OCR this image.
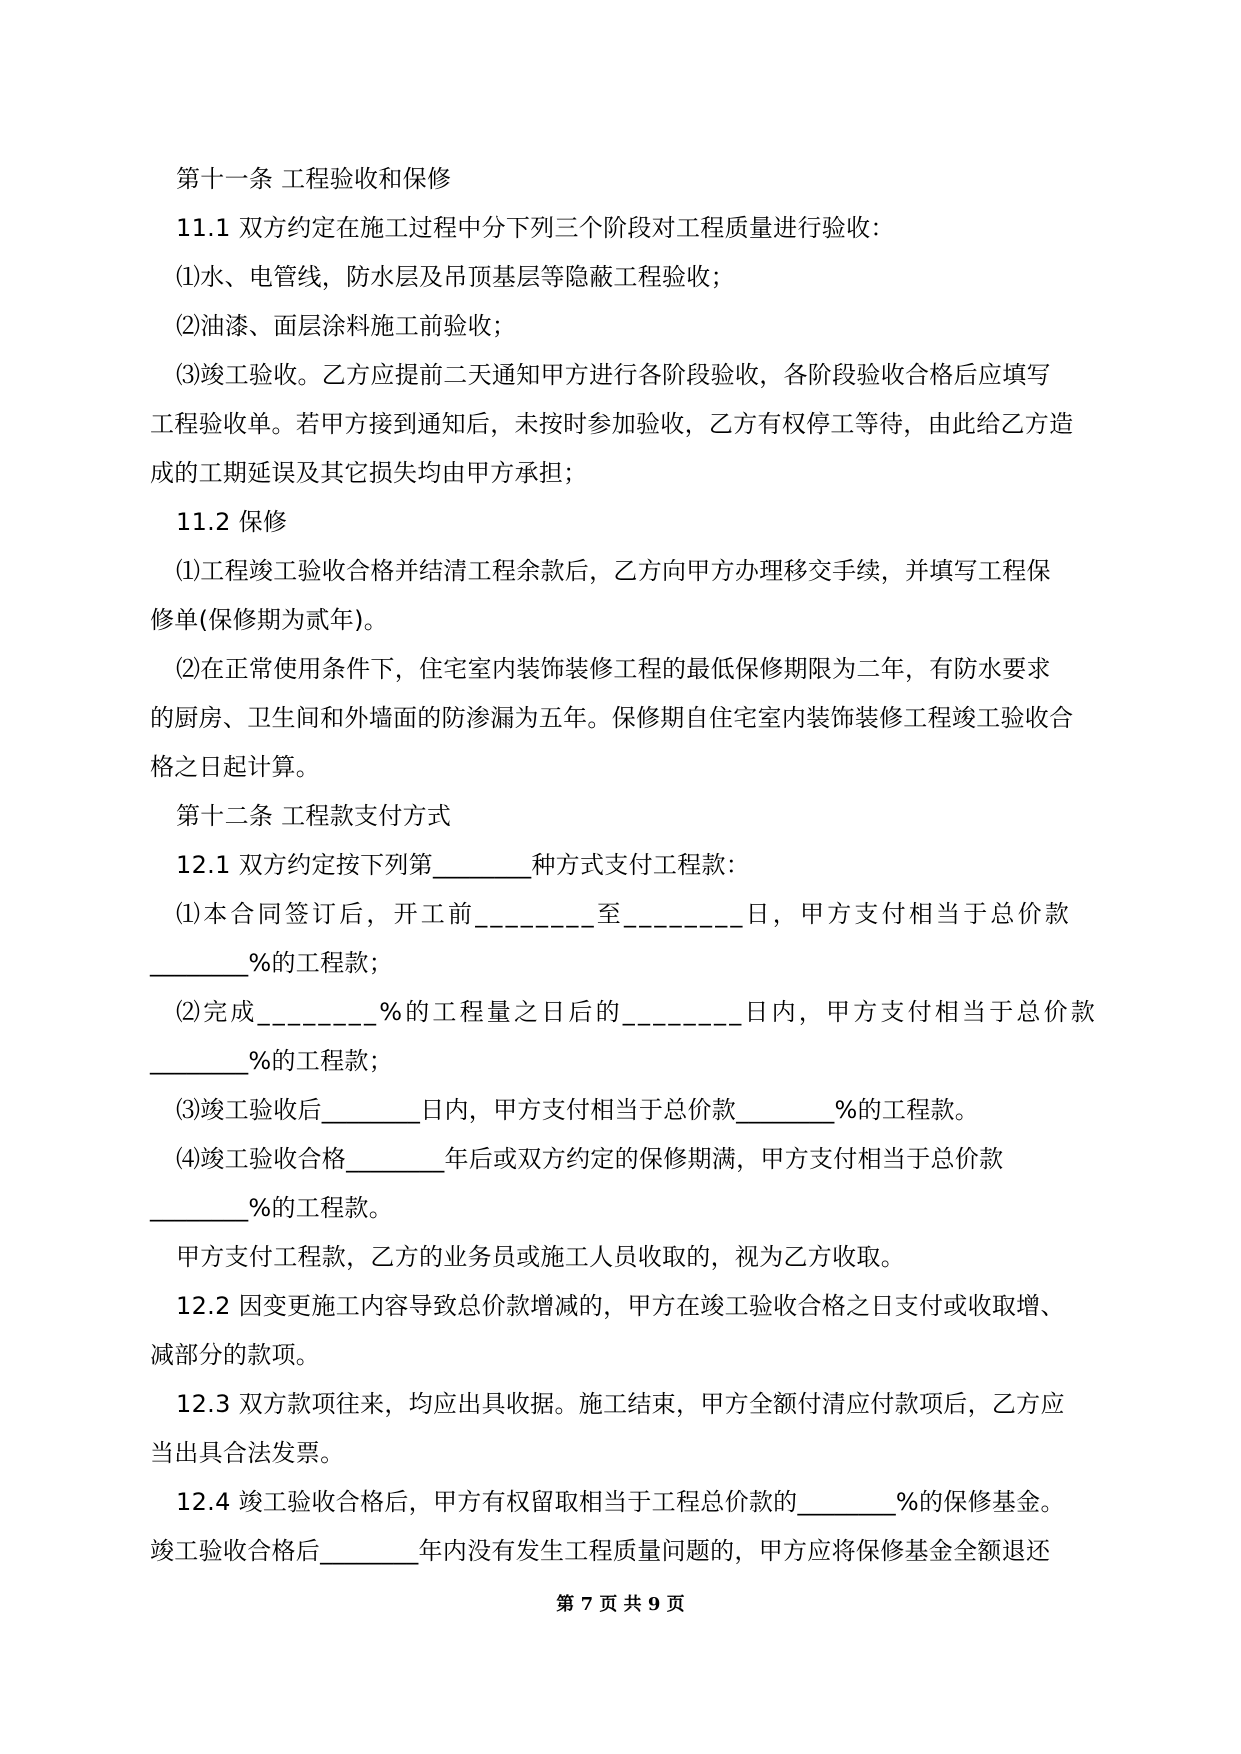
第十一条 工程验收和保修
11.1 双方约定在施工过程中分下列三个阶段对工程质量进行验收：
⑴水、电管线，防水层及吊顶基层等隐蔽工程验收；
⑵油漆、面层涂料施工前验收；
⑶竣工验收。乙方应提前二天通知甲方进行各阶段验收，各阶段验收合格后应填写
工程验收单。若甲方接到通知后，未按时参加验收，乙方有权停工等待，由此给乙方造
成的工期延误及其它损失均由甲方承担；
11.2 保修
⑴工程竣工验收合格并结清工程余款后，乙方向甲方办理移交手续，并填写工程保
修单(保修期为贰年)。
⑵在正常使用条件下，住宅室内装饰装修工程的最低保修期限为二年，有防水要求
的厨房、卫生间和外墙面的防渗漏为五年。保修期自住宅室内装饰装修工程竣工验收合
格之日起计算。
第十二条 工程款支付方式
12.1 双方约定按下列第________种方式支付工程款：
⑴本合同签订后，开工前________至________日，甲方支付相当于总价款
________%的工程款；
⑵完成________%的工程量之日后的________日内，甲方支付相当于总价款
________%的工程款；
⑶竣工验收后________日内，甲方支付相当于总价款________%的工程款。
⑷竣工验收合格________年后或双方约定的保修期满，甲方支付相当于总价款
________%的工程款。
甲方支付工程款，乙方的业务员或施工人员收取的，视为乙方收取。
12.2 因变更施工内容导致总价款增减的，甲方在竣工验收合格之日支付或收取增、
减部分的款项。
12.3 双方款项往来，均应出具收据。施工结束，甲方全额付清应付款项后，乙方应
当出具合法发票。
12.4 竣工验收合格后，甲方有权留取相当于工程总价款的________%的保修基金。
竣工验收合格后________年内没有发生工程质量问题的，甲方应将保修基金全额退还
第 7 页 共 9 页
